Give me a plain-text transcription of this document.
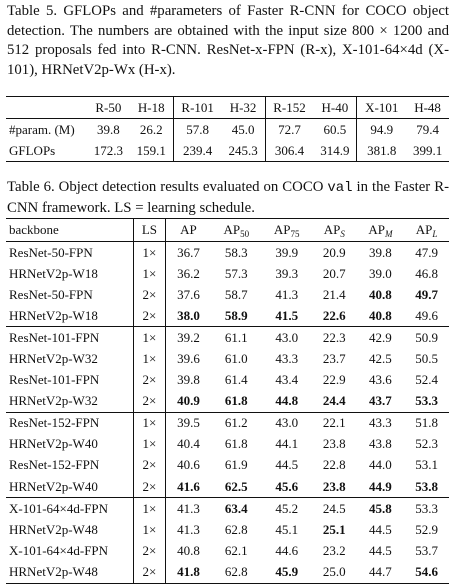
Table 5. GFLOPs and #parameters of Faster R-CNN for COCO object detection. The numbers are obtained with the input size 800 × 1200 and 512 proposals fed into R-CNN. ResNet-x-FPN (R-x), X-101-64×4d (X-101), HRNetV2p-Wx (H-x).
	R-50	H-18	R-101	H-32	R-152	H-40	X-101	H-48
#param. (M)	39.8	26.2	57.8	45.0	72.7	60.5	94.9	79.4
GFLOPs	172.3	159.1	239.4	245.3	306.4	314.9	381.8	399.1
Table 6. Object detection results evaluated on COCO val in the Faster R-CNN framework. LS = learning schedule.
backbone	LS	AP	$AP_{50}$	$AP_{75}$	$AP_S$	$AP_M$	$AP_L$
ResNet-50-FPN	1×	36.7	58.3	39.9	20.9	39.8	47.9
HRNetV2p-W18	1×	36.2	57.3	39.3	20.7	39.0	46.8
ResNet-50-FPN	2×	37.6	58.7	41.3	21.4	40.8	49.7
HRNetV2p-W18	2×	38.0	58.9	41.5	22.6	40.8	49.6
ResNet-101-FPN	1×	39.2	61.1	43.0	22.3	42.9	50.9
HRNetV2p-W32	1×	39.6	61.0	43.3	23.7	42.5	50.5
ResNet-101-FPN	2×	39.8	61.4	43.4	22.9	43.6	52.4
HRNetV2p-W32	2×	40.9	61.8	44.8	24.4	43.7	53.3
ResNet-152-FPN	1×	39.5	61.2	43.0	22.1	43.3	51.8
HRNetV2p-W40	1×	40.4	61.8	44.1	23.8	43.8	52.3
ResNet-152-FPN	2×	40.6	61.9	44.5	22.8	44.0	53.1
HRNetV2p-W40	2×	41.6	62.5	45.6	23.8	44.9	53.8
X-101-64×4d-FPN	1×	41.3	63.4	45.2	24.5	45.8	53.3
HRNetV2p-W48	1×	41.3	62.8	45.1	25.1	44.5	52.9
X-101-64×4d-FPN	2×	40.8	62.1	44.6	23.2	44.5	53.7
HRNetV2p-W48	2×	41.8	62.8	45.9	25.0	44.7	54.6
